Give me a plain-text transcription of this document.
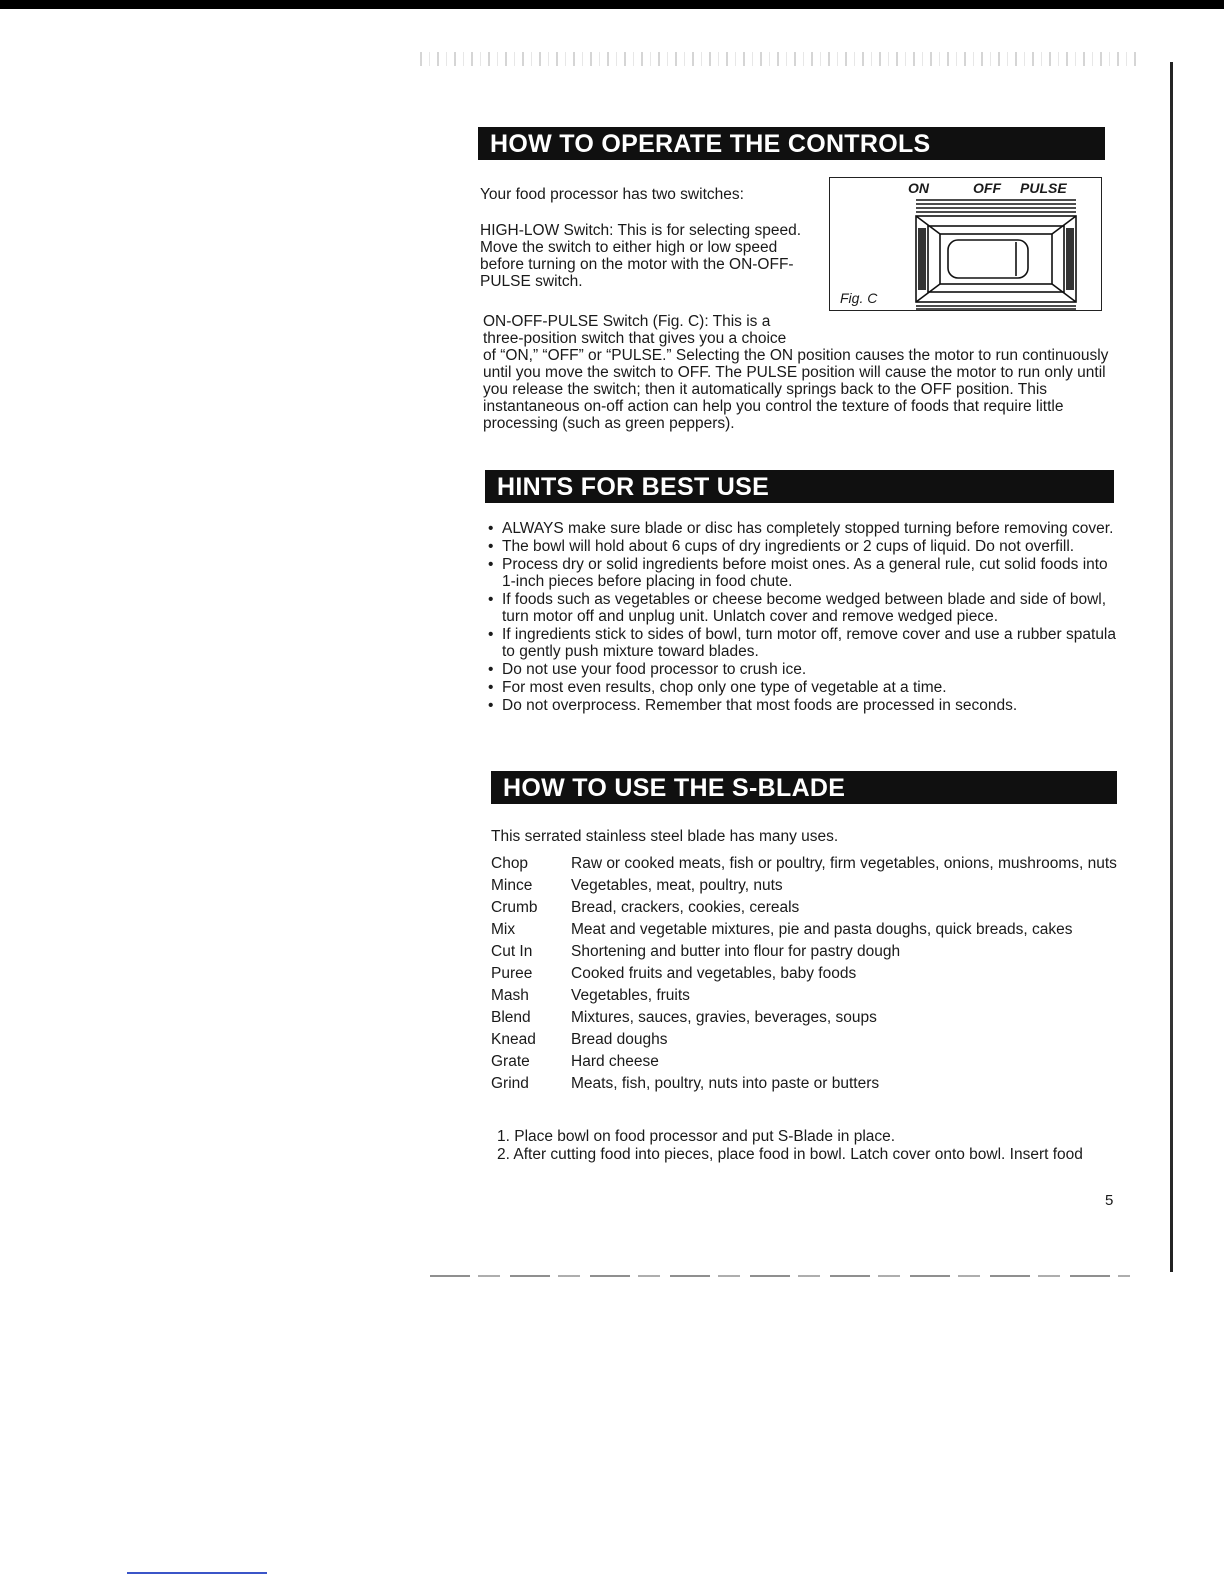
HOW TO OPERATE THE CONTROLS
Your food processor has two switches:
HIGH-LOW Switch: This is for selecting speed. Move the switch to either high or low speed before turning on the motor with the ON-OFF-PULSE switch.
ON-OFF-PULSE Switch (Fig. C): This is a
three-position switch that gives you a choice
of “ON,” “OFF” or “PULSE.” Selecting the ON position causes the motor to run continuously until you move the switch to OFF. The PULSE position will cause the motor to run only until you release the switch; then it automatically springs back to the OFF position. This instantaneous on-off action can help you control the texture of foods that require little processing (such as green peppers).
ON	OFF PULSE
Fig. C
HINTS FOR BEST USE
• ALWAYS make sure blade or disc has completely stopped turning before removing cover.
• The bowl will hold about 6 cups of dry ingredients or 2 cups of liquid. Do not overfill.
• Process dry or solid ingredients before moist ones. As a general rule, cut solid foods into 1-inch pieces before placing in food chute.
• If foods such as vegetables or cheese become wedged between blade and side of bowl, turn motor off and unplug unit. Unlatch cover and remove wedged piece.
• If ingredients stick to sides of bowl, turn motor off, remove cover and use a rubber spatula to gently push mixture toward blades.
• Do not use your food processor to crush ice.
• For most even results, chop only one type of vegetable at a time.
• Do not overprocess. Remember that most foods are processed in seconds.
HOW TO USE THE S-BLADE
This serrated stainless steel blade has many uses.
Chop	Raw or cooked meats, fish or poultry, firm vegetables, onions, mushrooms, nuts
Mince	Vegetables, meat, poultry, nuts
Crumb	Bread, crackers, cookies, cereals
Mix	Meat and vegetable mixtures, pie and pasta doughs, quick breads, cakes
Cut In	Shortening and butter into flour for pastry dough
Puree	Cooked fruits and vegetables, baby foods
Mash	Vegetables, fruits
Blend	Mixtures, sauces, gravies, beverages, soups
Knead	Bread doughs
Grate	Hard cheese
Grind	Meats, fish, poultry, nuts into paste or butters
1. Place bowl on food processor and put S-Blade in place.
2. After cutting food into pieces, place food in bowl. Latch cover onto bowl. Insert food
5
